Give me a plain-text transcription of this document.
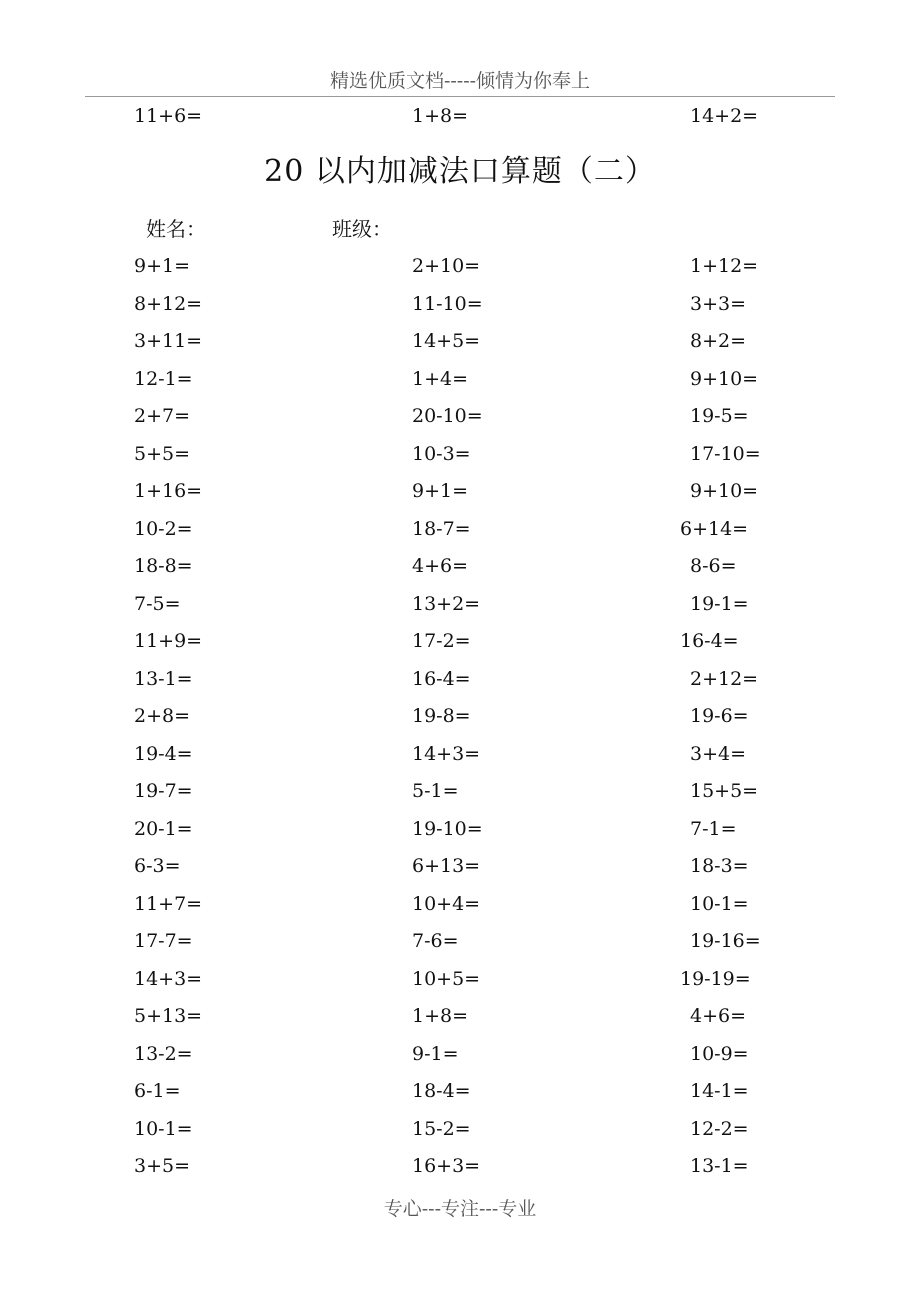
精选优质文档-----倾情为你奉上
11+6=	1+8=	14+2=
20 以内加减法口算题（二）
姓名：	班级：
9+1=	2+10=	1+12=
8+12=	11-10=	3+3=
3+11=	14+5=	8+2=
12-1=	1+4=	9+10=
2+7=	20-10=	19-5=
5+5=	10-3=	17-10=
1+16=	9+1=	9+10=
10-2=	18-7=	6+14=
18-8=	4+6=	8-6=
7-5=	13+2=	19-1=
11+9=	17-2=	16-4=
13-1=	16-4=	2+12=
2+8=	19-8=	19-6=
19-4=	14+3=	3+4=
19-7=	5-1=	15+5=
20-1=	19-10=	7-1=
6-3=	6+13=	18-3=
11+7=	10+4=	10-1=
17-7=	7-6=	19-16=
14+3=	10+5=	19-19=
5+13=	1+8=	4+6=
13-2=	9-1=	10-9=
6-1=	18-4=	14-1=
10-1=	15-2=	12-2=
3+5=	16+3=	13-1=
专心---专注---专业
